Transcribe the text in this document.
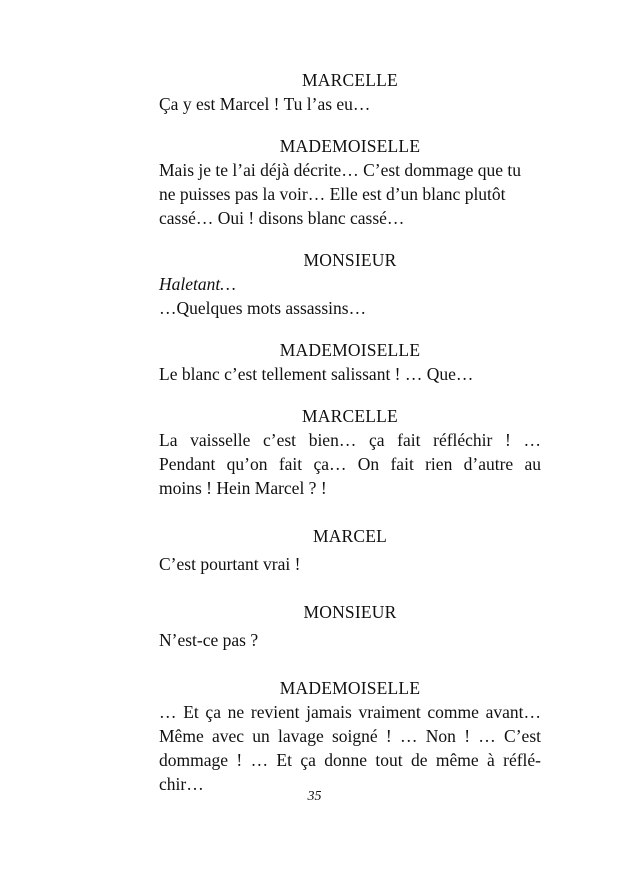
MARCELLE

Ça y est Marcel ! Tu l’as eu…

MADEMOISELLE

Mais je te l’ai déjà décrite… C’est dommage que tu

ne puisses pas la voir… Elle est d’un blanc plutôt

cassé… Oui ! disons blanc cassé…

MONSIEUR

Haletant…

…Quelques mots assassins…

MADEMOISELLE

Le blanc c’est tellement salissant ! … Que…

MARCELLE

La vaisselle c’est bien… ça fait réfléchir ! …

Pendant qu’on fait ça… On fait rien d’autre au

moins ! Hein Marcel ? !

MARCEL

C’est pourtant vrai !

MONSIEUR

N’est-ce pas ?

MADEMOISELLE

… Et ça ne revient jamais vraiment comme avant…

Même avec un lavage soigné ! … Non ! … C’est

dommage ! … Et ça donne tout de même à réflé-

chir…

35
